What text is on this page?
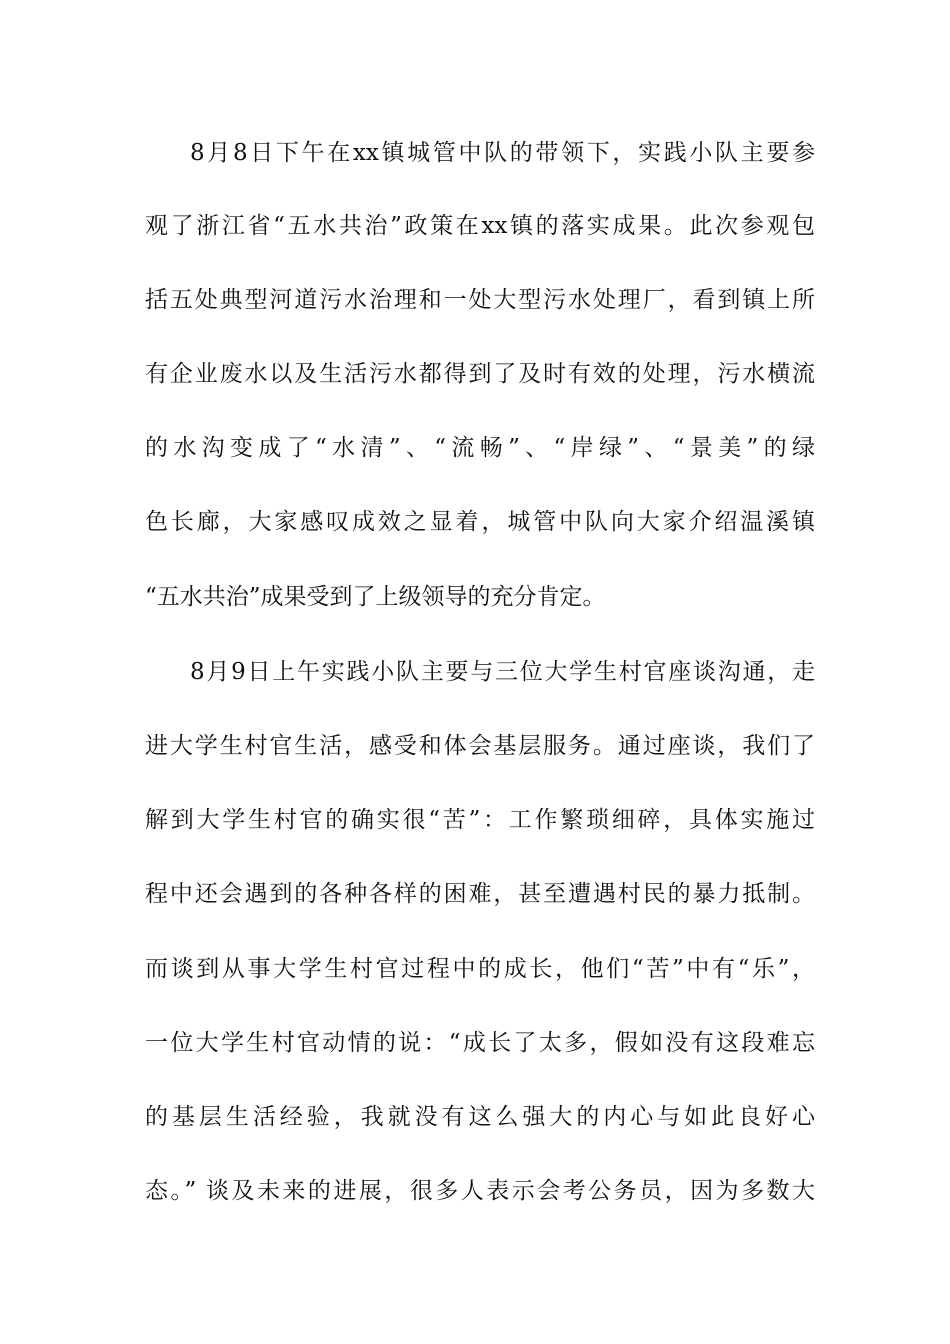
8月8日下午在xx镇城管中队的带领下，实践小队主要参

观了浙江省“五水共治”政策在xx镇的落实成果。此次参观包

括五处典型河道污水治理和一处大型污水处理厂，看到镇上所

有企业废水以及生活污水都得到了及时有效的处理，污水横流

的水沟变成了“水清”、“流畅”、“岸绿”、“景美”的绿

色长廊，大家感叹成效之显着，城管中队向大家介绍温溪镇

“五水共治”成果受到了上级领导的充分肯定。

8月9日上午实践小队主要与三位大学生村官座谈沟通，走

进大学生村官生活，感受和体会基层服务。通过座谈，我们了

解到大学生村官的确实很“苦”：工作繁琐细碎，具体实施过

程中还会遇到的各种各样的困难，甚至遭遇村民的暴力抵制。

而谈到从事大学生村官过程中的成长，他们“苦”中有“乐”，

一位大学生村官动情的说：“成长了太多，假如没有这段难忘

的基层生活经验，我就没有这么强大的内心与如此良好心

态。” 谈及未来的进展，很多人表示会考公务员，因为多数大
